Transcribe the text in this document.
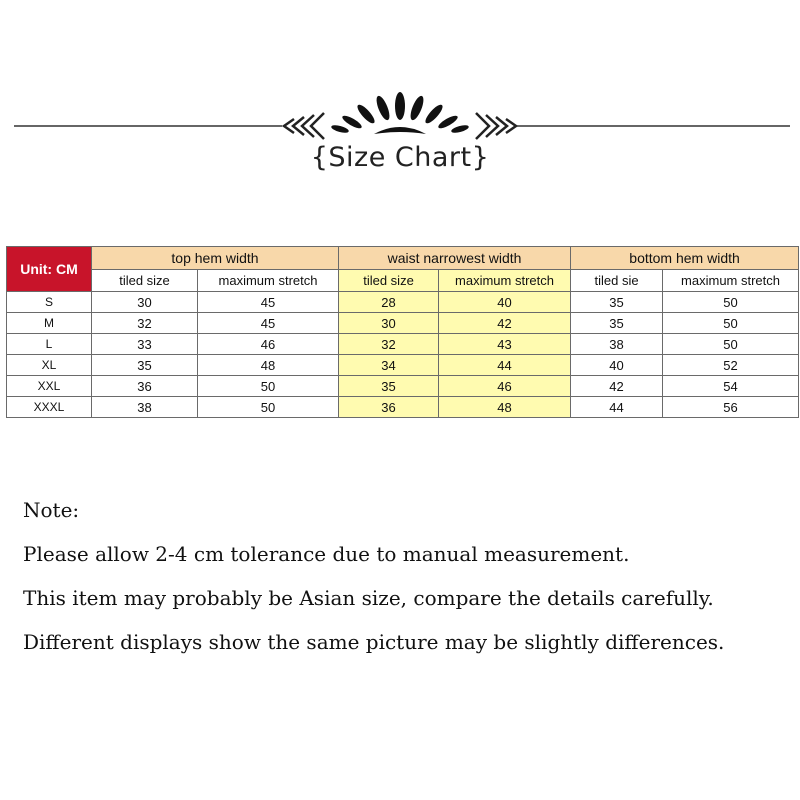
{Size Chart}
Unit: CM	top hem width		waist narrowest width		bottom hem width	
	tiled size	maximum stretch	tiled size	maximum stretch	tiled sie	maximum stretch
S	30	45	28	40	35	50
M	32	45	30	42	35	50
L	33	46	32	43	38	50
XL	35	48	34	44	40	52
XXL	36	50	35	46	42	54
XXXL	38	50	36	48	44	56

Note:

Please allow 2-4 cm tolerance due to manual measurement.

This item may probably be Asian size, compare the details carefully.

Different displays show the same picture may be slightly differences.
